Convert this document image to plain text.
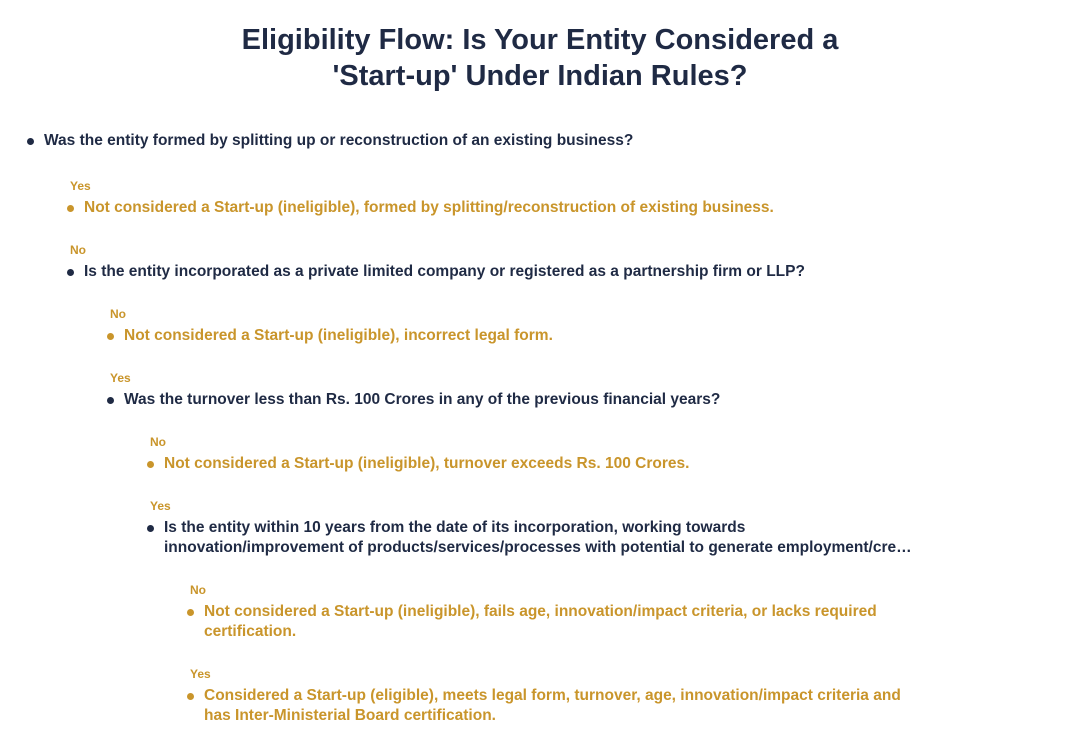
Eligibility Flow: Is Your Entity Considered a
'Start-up' Under Indian Rules?
Was the entity formed by splitting up or reconstruction of an existing business?
Yes
Not considered a Start-up (ineligible), formed by splitting/reconstruction of existing business.
No
Is the entity incorporated as a private limited company or registered as a partnership firm or LLP?
No
Not considered a Start-up (ineligible), incorrect legal form.
Yes
Was the turnover less than Rs. 100 Crores in any of the previous financial years?
No
Not considered a Start-up (ineligible), turnover exceeds Rs. 100 Crores.
Yes
Is the entity within 10 years from the date of its incorporation, working towards
innovation/improvement of products/services/processes with potential to generate employment/cre…
No
Not considered a Start-up (ineligible), fails age, innovation/impact criteria, or lacks required
certification.
Yes
Considered a Start-up (eligible), meets legal form, turnover, age, innovation/impact criteria and
has Inter-Ministerial Board certification.
